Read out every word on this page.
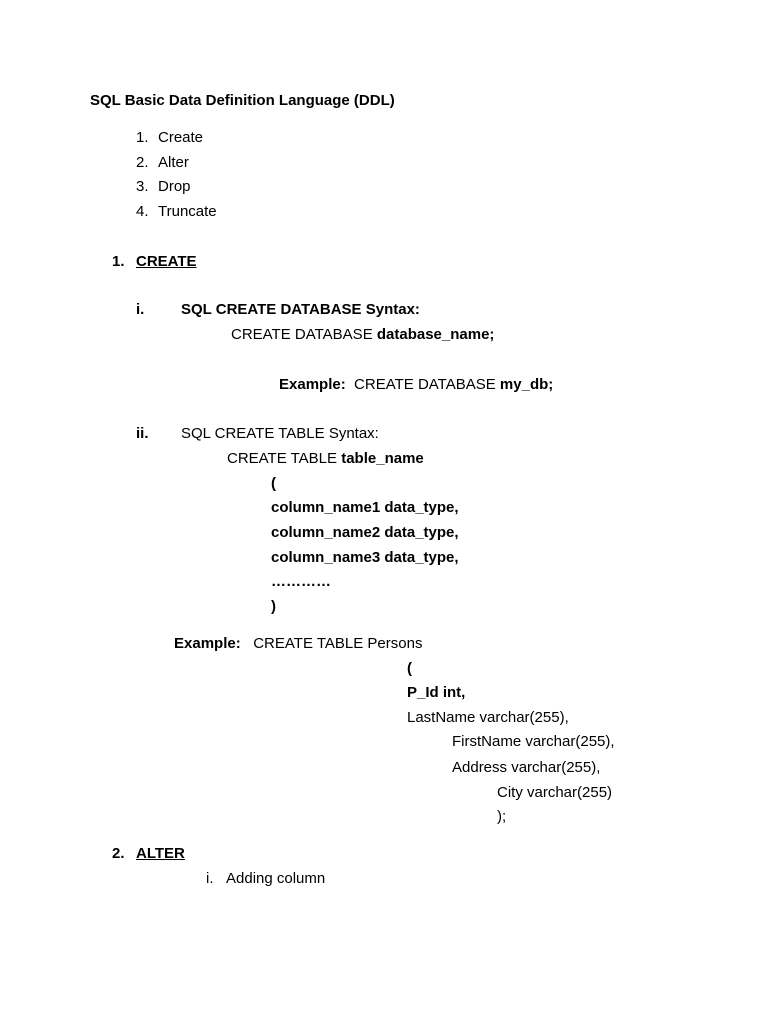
SQL Basic Data Definition Language (DDL)
1. Create
2. Alter
3. Drop
4. Truncate
1. CREATE
i. SQL CREATE DATABASE Syntax:
CREATE DATABASE database_name;
Example: CREATE DATABASE my_db;
ii. SQL CREATE TABLE Syntax:
CREATE TABLE table_name
(
column_name1 data_type,
column_name2 data_type,
column_name3 data_type,
…………
)
Example: CREATE TABLE Persons
(
P_Id int,
LastName varchar(255),
FirstName varchar(255),
Address varchar(255),
City varchar(255)
);
2. ALTER
i. Adding column
